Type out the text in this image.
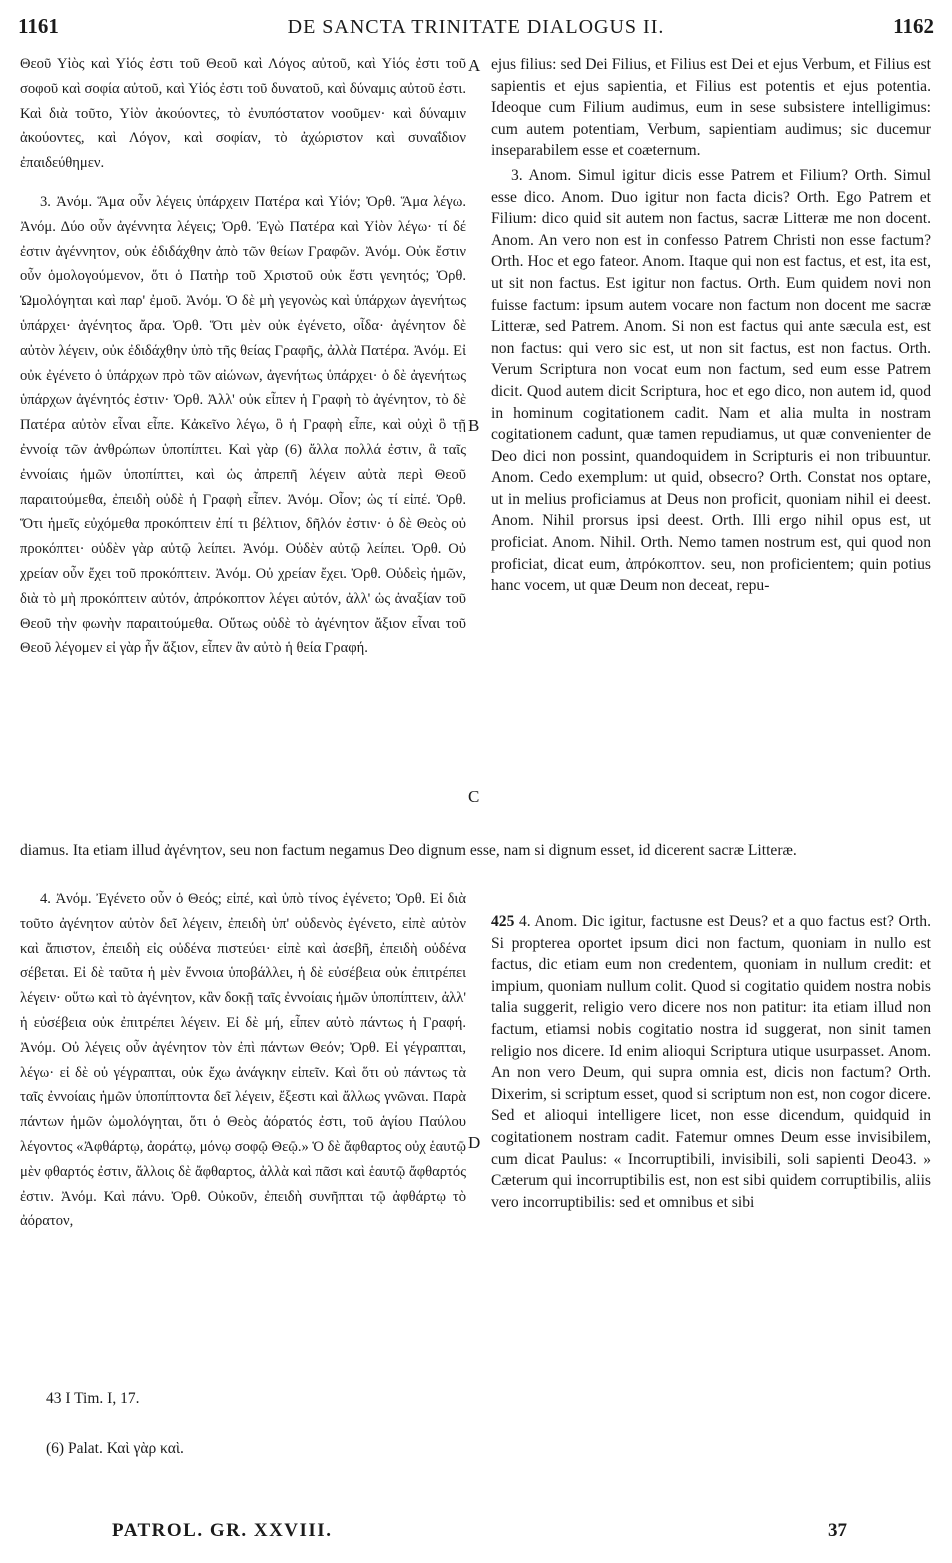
1161	DE SANCTA TRINITATE DIALOGUS II.	1162

Θεοῦ Υἱὸς καὶ Υἱός ἐστι τοῦ Θεοῦ καὶ Λόγος αὐτοῦ, καὶ Υἱός ἐστι τοῦ σοφοῦ καὶ σοφία αὐτοῦ, καὶ Υἱός ἐστι τοῦ δυνατοῦ, καὶ δύναμις αὐτοῦ ἐστι. Καὶ διὰ τοῦτο, Υἱὸν ἀκούοντες, τὸ ἐνυπόστατον νοοῦμεν· καὶ δύναμιν ἀκούοντες, καὶ Λόγον, καὶ σοφίαν, τὸ ἀχώριστον καὶ συναΐδιον ἐπαιδεύθημεν.

3. Ἀνόμ. Ἅμα οὖν λέγεις ὑπάρχειν Πατέρα καὶ Υἱόν; Ὀρθ. Ἅμα λέγω. Ἀνόμ. Δύο οὖν ἀγέννητα λέγεις; Ὀρθ. Ἐγὼ Πατέρα καὶ Υἱὸν λέγω· τί δέ ἐστιν ἀγέννητον, οὐκ ἐδιδάχθην ἀπὸ τῶν θείων Γραφῶν. Ἀνόμ. Οὐκ ἔστιν οὖν ὁμολογούμενον, ὅτι ὁ Πατὴρ τοῦ Χριστοῦ οὐκ ἔστι γενητός; Ὀρθ. Ὡμολόγηται καὶ παρ' ἐμοῦ. Ἀνόμ. Ὁ δὲ μὴ γεγονὼς καὶ ὑπάρχων ἀγενήτως ὑπάρχει· ἀγένητος ἄρα. Ὀρθ. Ὅτι μὲν οὐκ ἐγένετο, οἶδα· ἀγένητον δὲ αὐτὸν λέγειν, οὐκ ἐδιδάχθην ὑπὸ τῆς θείας Γραφῆς, ἀλλὰ Πατέρα. Ἀνόμ. Εἰ οὐκ ἐγένετο ὁ ὑπάρχων πρὸ τῶν αἰώνων, ἀγενήτως ὑπάρχει· ὁ δὲ ἀγενήτως ὑπάρχων ἀγένητός ἐστιν· Ὀρθ. Ἀλλ' οὐκ εἶπεν ἡ Γραφὴ τὸ ἀγένητον, τὸ δὲ Πατέρα αὐτὸν εἶναι εἶπε. Κἀκεῖνο λέγω, ὃ ἡ Γραφὴ εἶπε, καὶ οὐχὶ ὃ τῇ ἐννοίᾳ τῶν ἀνθρώπων ὑποπίπτει. Καὶ γὰρ (6) ἄλλα πολλά ἐστιν, ἃ ταῖς ἐννοίαις ἡμῶν ὑποπίπτει, καὶ ὡς ἀπρεπῆ λέγειν αὐτὰ περὶ Θεοῦ παραιτούμεθα, ἐπειδὴ οὐδὲ ἡ Γραφὴ εἶπεν. Ἀνόμ. Οἷον; ὡς τί εἰπέ. Ὀρθ. Ὅτι ἡμεῖς εὐχόμεθα προκόπτειν ἐπί τι βέλτιον, δῆλόν ἐστιν· ὁ δὲ Θεὸς οὐ προκόπτει· οὐδὲν γὰρ αὐτῷ λείπει. Ἀνόμ. Οὐδὲν αὐτῷ λείπει. Ὀρθ. Οὐ χρείαν οὖν ἔχει τοῦ προκόπτειν. Ἀνόμ. Οὐ χρείαν ἔχει. Ὀρθ. Οὐδεὶς ἡμῶν, διὰ τὸ μὴ προκόπτειν αὐτόν, ἀπρόκοπτον λέγει αὐτόν, ἀλλ' ὡς ἀναξίαν τοῦ Θεοῦ τὴν φωνὴν παραιτούμεθα. Οὕτως οὐδὲ τὸ ἀγένητον ἄξιον εἶναι τοῦ Θεοῦ λέγομεν εἰ γὰρ ἦν ἄξιον, εἶπεν ἂν αὐτὸ ἡ θεία Γραφή.

ejus filius: sed Dei Filius, et Filius est Dei et ejus Verbum, et Filius est sapientis et ejus sapientia, et Filius est potentis et ejus potentia. Ideoque cum Filium audimus, eum in sese subsistere intelligimus: cum autem potentiam, Verbum, sapientiam audimus; sic ducemur inseparabilem esse et coæternum.

3. Anom. Simul igitur dicis esse Patrem et Filium? Orth. Simul esse dico. Anom. Duo igitur non facta dicis? Orth. Ego Patrem et Filium: dico quid sit autem non factus, sacræ Litteræ me non docent. Anom. An vero non est in confesso Patrem Christi non esse factum? Orth. Hoc et ego fateor. Anom. Itaque qui non est factus, et est, ita est, ut sit non factus. Est igitur non factus. Orth. Eum quidem novi non fuisse factum: ipsum autem vocare non factum non docent me sacræ Litteræ, sed Patrem. Anom. Si non est factus qui ante sæcula est, est non factus: qui vero sic est, ut non sit factus, est non factus. Orth. Verum Scriptura non vocat eum non factum, sed eum esse Patrem dicit. Quod autem dicit Scriptura, hoc et ego dico, non autem id, quod in hominum cogitationem cadit. Nam et alia multa in nostram cogitationem cadunt, quæ tamen repudiamus, ut quæ convenienter de Deo dici non possint, quandoquidem in Scripturis ei non tribuuntur. Anom. Cedo exemplum: ut quid, obsecro? Orth. Constat nos optare, ut in melius proficiamus at Deus non proficit, quoniam nihil ei deest. Anom. Nihil prorsus ipsi deest. Orth. Illi ergo nihil opus est, ut proficiat. Anom. Nihil. Orth. Nemo tamen nostrum est, qui quod non proficiat, dicat eum, ἀπρόκοπτον. seu, non proficientem; quin potius hanc vocem, ut quæ Deum non deceat, repu-

A
B
C
diamus. Ita etiam illud ἀγένητον, seu non factum negamus Deo dignum esse, nam si dignum esset, id dicerent sacræ Litteræ.

4. Ἀνόμ. Ἐγένετο οὖν ὁ Θεός; εἰπέ, καὶ ὑπὸ τίνος ἐγένετο; Ὀρθ. Εἰ διὰ τοῦτο ἀγένητον αὐτὸν δεῖ λέγειν, ἐπειδὴ ὑπ' οὐδενὸς ἐγένετο, εἰπὲ αὐτὸν καὶ ἄπιστον, ἐπειδὴ εἰς οὐδένα πιστεύει· εἰπὲ καὶ ἀσεβῆ, ἐπειδὴ οὐδένα σέβεται. Εἰ δὲ ταῦτα ἡ μὲν ἔννοια ὑποβάλλει, ἡ δὲ εὐσέβεια οὐκ ἐπιτρέπει λέγειν· οὕτω καὶ τὸ ἀγένητον, κἂν δοκῇ ταῖς ἐννοίαις ἡμῶν ὑποπίπτειν, ἀλλ' ἡ εὐσέβεια οὐκ ἐπιτρέπει λέγειν. Εἰ δὲ μή, εἶπεν αὐτὸ πάντως ἡ Γραφή. Ἀνόμ. Οὐ λέγεις οὖν ἀγένητον τὸν ἐπὶ πάντων Θεόν; Ὀρθ. Εἰ γέγραπται, λέγω· εἰ δὲ οὐ γέγραπται, οὐκ ἔχω ἀνάγκην εἰπεῖν. Καὶ ὅτι οὐ πάντως τὰ ταῖς ἐννοίαις ἡμῶν ὑποπίπτοντα δεῖ λέγειν, ἔξεστι καὶ ἄλλως γνῶναι. Παρὰ πάντων ἡμῶν ὡμολόγηται, ὅτι ὁ Θεὸς ἀόρατός ἐστι, τοῦ ἁγίου Παύλου λέγοντος «Ἀφθάρτῳ, ἀοράτῳ, μόνῳ σοφῷ Θεῷ.» Ὁ δὲ ἄφθαρτος οὐχ ἑαυτῷ μὲν φθαρτός ἐστιν, ἄλλοις δὲ ἄφθαρτος, ἀλλὰ καὶ πᾶσι καὶ ἑαυτῷ ἄφθαρτός ἐστιν. Ἀνόμ. Καὶ πάνυ. Ὀρθ. Οὐκοῦν, ἐπειδὴ συνῆπται τῷ ἀφθάρτῳ τὸ ἀόρατον,

D

425 4. Anom. Dic igitur, factusne est Deus? et a quo factus est? Orth. Si propterea oportet ipsum dici non factum, quoniam in nullo est factus, dic etiam eum non credentem, quoniam in nullum credit: et impium, quoniam nullum colit. Quod si cogitatio quidem nostra nobis talia suggerit, religio vero dicere nos non patitur: ita etiam illud non factum, etiamsi nobis cogitatio nostra id suggerat, non sinit tamen religio nos dicere. Id enim alioqui Scriptura utique usurpasset. Anom. An non vero Deum, qui supra omnia est, dicis non factum? Orth. Dixerim, si scriptum esset, quod si scriptum non est, non cogor dicere. Sed et alioqui intelligere licet, non esse dicendum, quidquid in cogitationem nostram cadit. Fatemur omnes Deum esse invisibilem, cum dicat Paulus: « Incorruptibili, invisibili, soli sapienti Deo43. » Cæterum qui incorruptibilis est, non est sibi quidem corruptibilis, aliis vero incorruptibilis: sed et omnibus et sibi

43 I Tim. I, 17.
(6) Palat. Καὶ γὰρ καὶ.
PATROL. GR. XXVIII.	37
